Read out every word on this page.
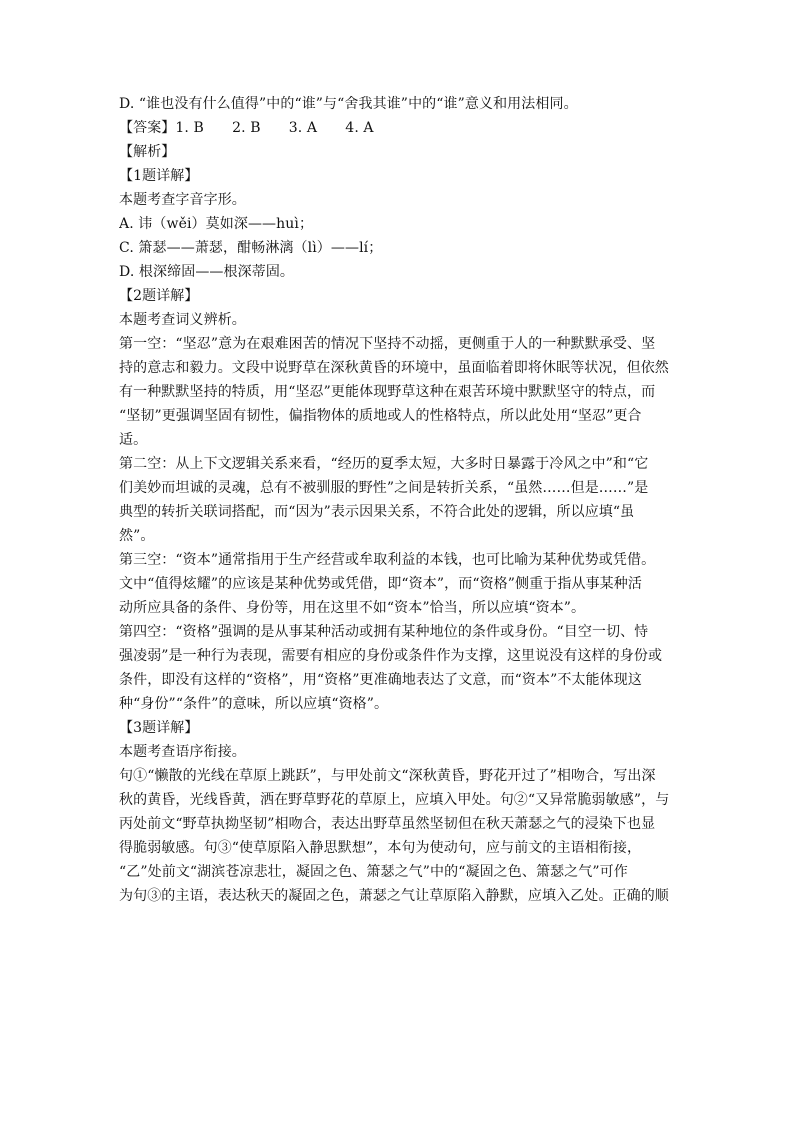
D. “谁也没有什么值得”中的“谁”与“舍我其谁”中的“谁”意义和用法相同。

【答案】1. B　　2. B　　3. A　　4. A

【解析】

【1题详解】

本题考查字音字形。

A. 讳（wěi）莫如深——huì；

C. 箫瑟——萧瑟，酣畅淋漓（lì）——lí；

D. 根深缔固——根深蒂固。

【2题详解】

本题考查词义辨析。

第一空：“坚忍”意为在艰难困苦的情况下坚持不动摇，更侧重于人的一种默默承受、坚

持的意志和毅力。文段中说野草在深秋黄昏的环境中，虽面临着即将休眠等状况，但依然

有一种默默坚持的特质，用“坚忍”更能体现野草这种在艰苦环境中默默坚守的特点，而

“坚韧”更强调坚固有韧性，偏指物体的质地或人的性格特点，所以此处用“坚忍”更合

适。

第二空：从上下文逻辑关系来看，“经历的夏季太短，大多时日暴露于冷风之中”和“它

们美妙而坦诚的灵魂，总有不被驯服的野性”之间是转折关系，“虽然……但是……”是

典型的转折关联词搭配，而“因为”表示因果关系，不符合此处的逻辑，所以应填“虽

然”。

第三空：“资本”通常指用于生产经营或牟取利益的本钱，也可比喻为某种优势或凭借。

文中“值得炫耀”的应该是某种优势或凭借，即“资本”，而“资格”侧重于指从事某种活

动所应具备的条件、身份等，用在这里不如“资本”恰当，所以应填“资本”。

第四空：“资格”强调的是从事某种活动或拥有某种地位的条件或身份。“目空一切、恃

强凌弱”是一种行为表现，需要有相应的身份或条件作为支撑，这里说没有这样的身份或

条件，即没有这样的“资格”，用“资格”更准确地表达了文意，而“资本”不太能体现这

种“身份”“条件”的意味，所以应填“资格”。

【3题详解】

本题考查语序衔接。

句①“懒散的光线在草原上跳跃”，与甲处前文“深秋黄昏，野花开过了”相吻合，写出深

秋的黄昏，光线昏黄，洒在野草野花的草原上，应填入甲处。句②“又异常脆弱敏感”，与

丙处前文“野草执拗坚韧”相吻合，表达出野草虽然坚韧但在秋天萧瑟之气的浸染下也显

得脆弱敏感。句③“使草原陷入静思默想”，本句为使动句，应与前文的主语相衔接，

“乙”处前文“湖滨苍凉悲壮，凝固之色、箫瑟之气”中的“凝固之色、箫瑟之气”可作

为句③的主语，表达秋天的凝固之色，萧瑟之气让草原陷入静默，应填入乙处。正确的顺
